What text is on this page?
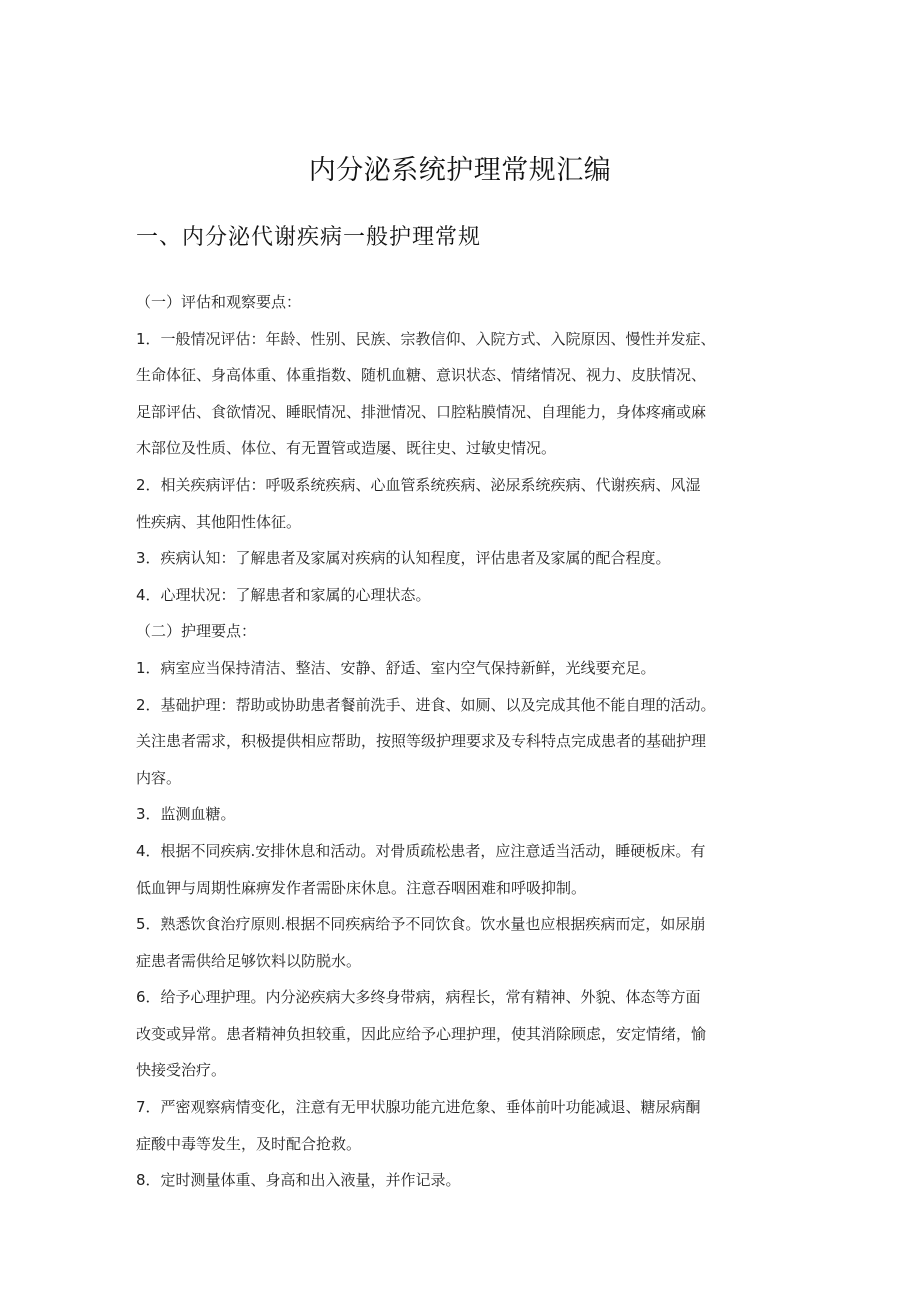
内分泌系统护理常规汇编
一、内分泌代谢疾病一般护理常规
（一）评估和观察要点：
1．一般情况评估：年龄、性别、民族、宗教信仰、入院方式、入院原因、慢性并发症、
生命体征、身高体重、体重指数、随机血糖、意识状态、情绪情况、视力、皮肤情况、
足部评估、食欲情况、睡眠情况、排泄情况、口腔粘膜情况、自理能力，身体疼痛或麻
木部位及性质、体位、有无置管或造屡、既往史、过敏史情况。
2．相关疾病评估：呼吸系统疾病、心血管系统疾病、泌尿系统疾病、代谢疾病、风湿
性疾病、其他阳性体征。
3．疾病认知：了解患者及家属对疾病的认知程度，评估患者及家属的配合程度。
4．心理状况：了解患者和家属的心理状态。
（二）护理要点：
1．病室应当保持清洁、整洁、安静、舒适、室内空气保持新鲜，光线要充足。
2．基础护理：帮助或协助患者餐前洗手、进食、如厕、以及完成其他不能自理的活动。
关注患者需求，积极提供相应帮助，按照等级护理要求及专科特点完成患者的基础护理
内容。
3．监测血糖。
4．根据不同疾病.安排休息和活动。对骨质疏松患者，应注意适当活动，睡硬板床。有
低血钾与周期性麻痹发作者需卧床休息。注意吞咽困难和呼吸抑制。
5．熟悉饮食治疗原则.根据不同疾病给予不同饮食。饮水量也应根据疾病而定，如尿崩
症患者需供给足够饮料以防脱水。
6．给予心理护理。内分泌疾病大多终身带病，病程长，常有精神、外貌、体态等方面
改变或异常。患者精神负担较重，因此应给予心理护理，使其消除顾虑，安定情绪，愉
快接受治疗。
7．严密观察病情变化，注意有无甲状腺功能亢进危象、垂体前叶功能减退、糖尿病酮
症酸中毒等发生，及时配合抢救。
8．定时测量体重、身高和出入液量，并作记录。
